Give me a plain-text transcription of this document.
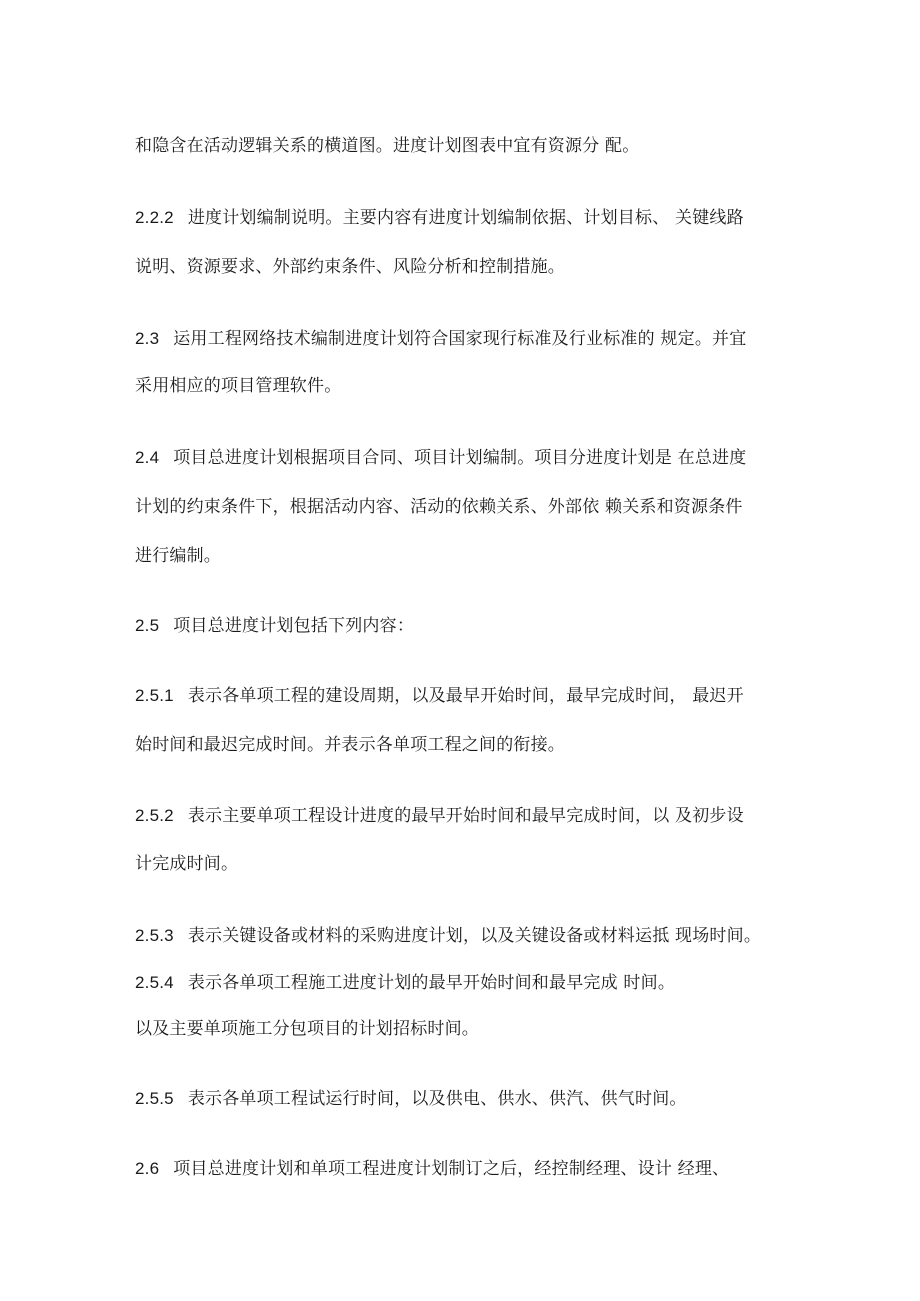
和隐含在活动逻辑关系的横道图。进度计划图表中宜有资源分 配。
2.2.2 进度计划编制说明。主要内容有进度计划编制依据、计划目标、 关键线路
说明、资源要求、外部约束条件、风险分析和控制措施。
2.3 运用工程网络技术编制进度计划符合国家现行标准及行业标准的 规定。并宜
采用相应的项目管理软件。
2.4 项目总进度计划根据项目合同、项目计划编制。项目分进度计划是 在总进度
计划的约束条件下，根据活动内容、活动的依赖关系、外部依 赖关系和资源条件
进行编制。
2.5 项目总进度计划包括下列内容：
2.5.1 表示各单项工程的建设周期，以及最早开始时间，最早完成时间， 最迟开
始时间和最迟完成时间。并表示各单项工程之间的衔接。
2.5.2 表示主要单项工程设计进度的最早开始时间和最早完成时间，以 及初步设
计完成时间。
2.5.3 表示关键设备或材料的采购进度计划，以及关键设备或材料运抵 现场时间。
2.5.4 表示各单项工程施工进度计划的最早开始时间和最早完成 时间。
以及主要单项施工分包项目的计划招标时间。
2.5.5 表示各单项工程试运行时间，以及供电、供水、供汽、供气时间。
2.6 项目总进度计划和单项工程进度计划制订之后，经控制经理、设计 经理、
